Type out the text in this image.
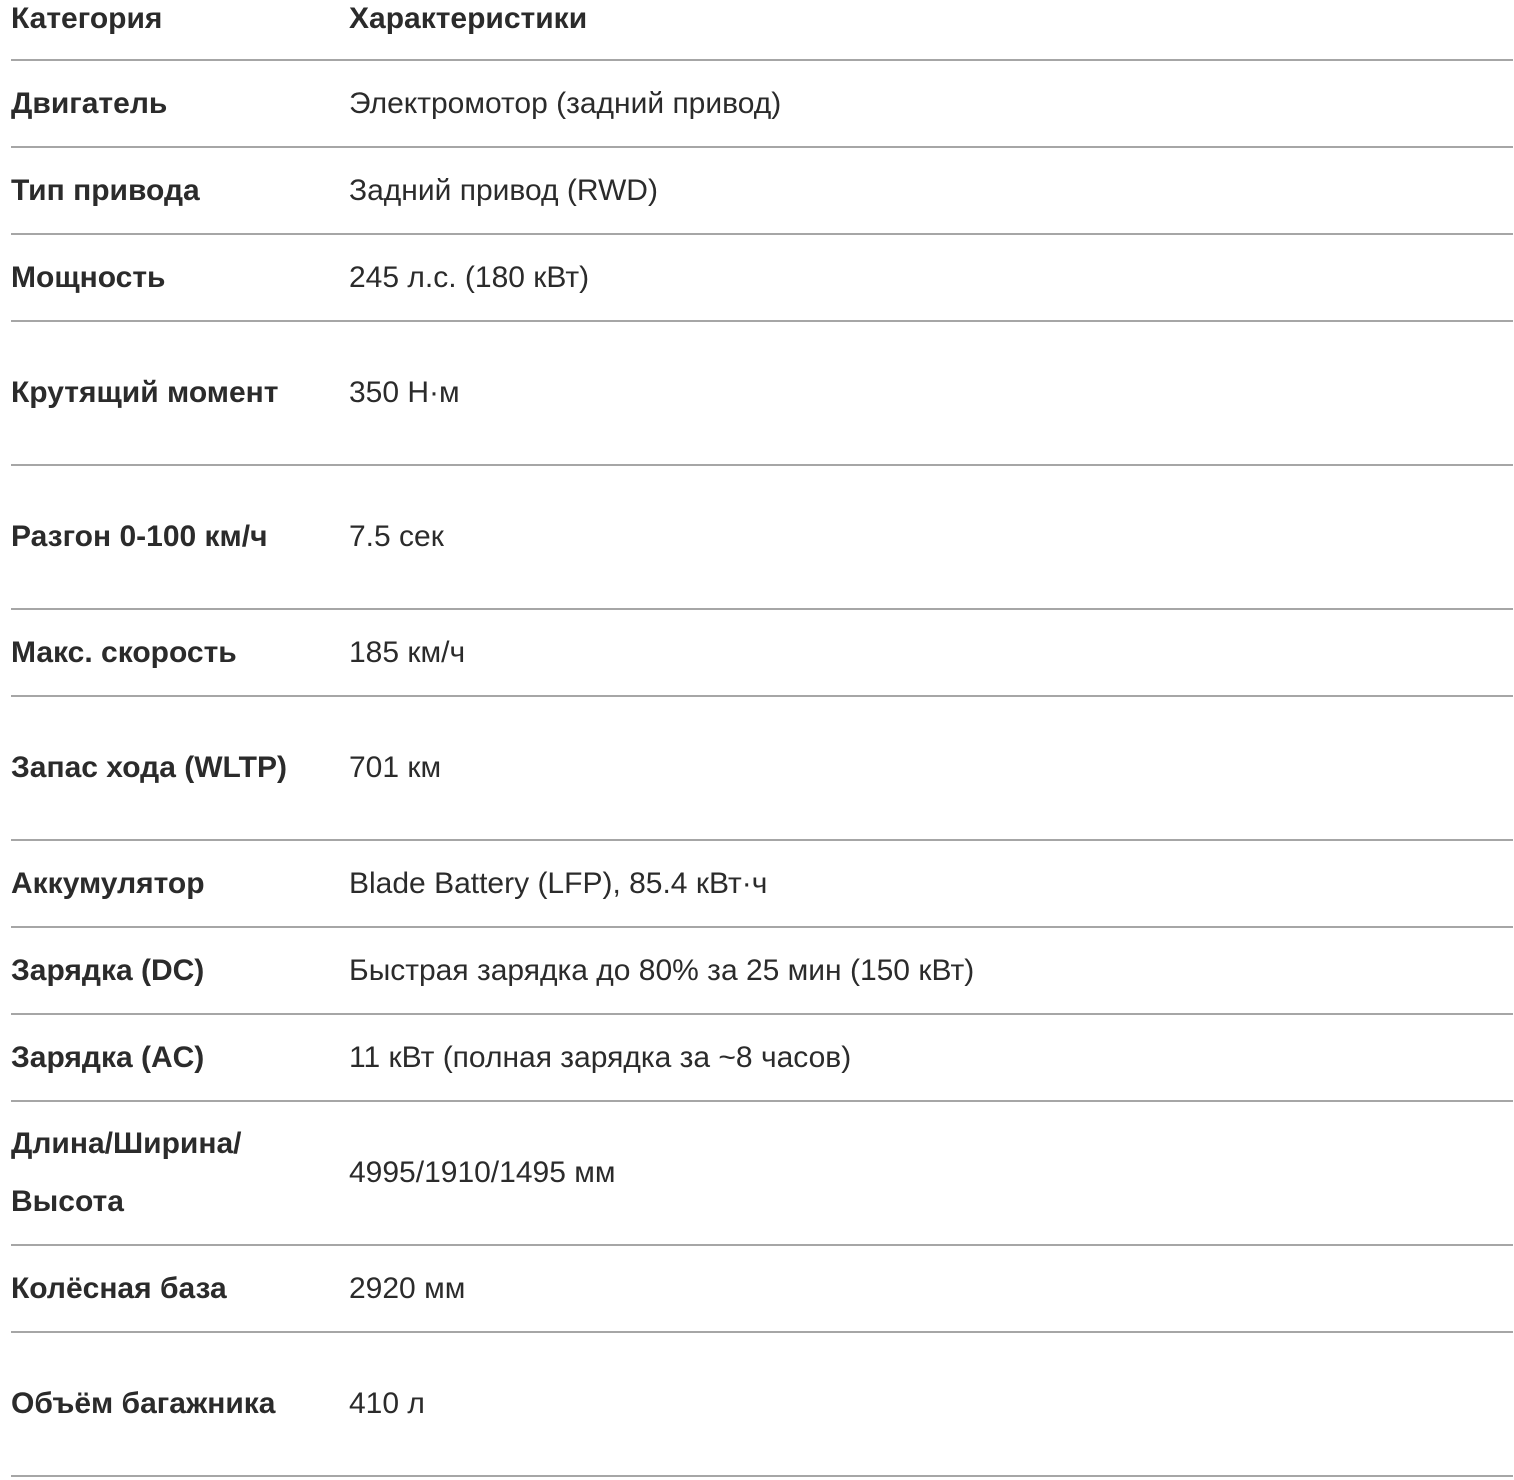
Категория	Характеристики

Двигатель	Электромотор (задний привод)
Тип привода	Задний привод (RWD)
Мощность	245 л.с. (180 кВт)
Крутящий момент	350 Н·м
Разгон 0-100 км/ч	7.5 сек
Макс. скорость	185 км/ч
Запас хода (WLTP)	701 км
Аккумулятор	Blade Battery (LFP), 85.4 кВт·ч
Зарядка (DC)	Быстрая зарядка до 80% за 25 мин (150 кВт)
Зарядка (AC)	11 кВт (полная зарядка за ~8 часов)
Длина/Ширина/Высота	4995/1910/1495 мм
Колёсная база	2920 мм
Объём багажника	410 л
